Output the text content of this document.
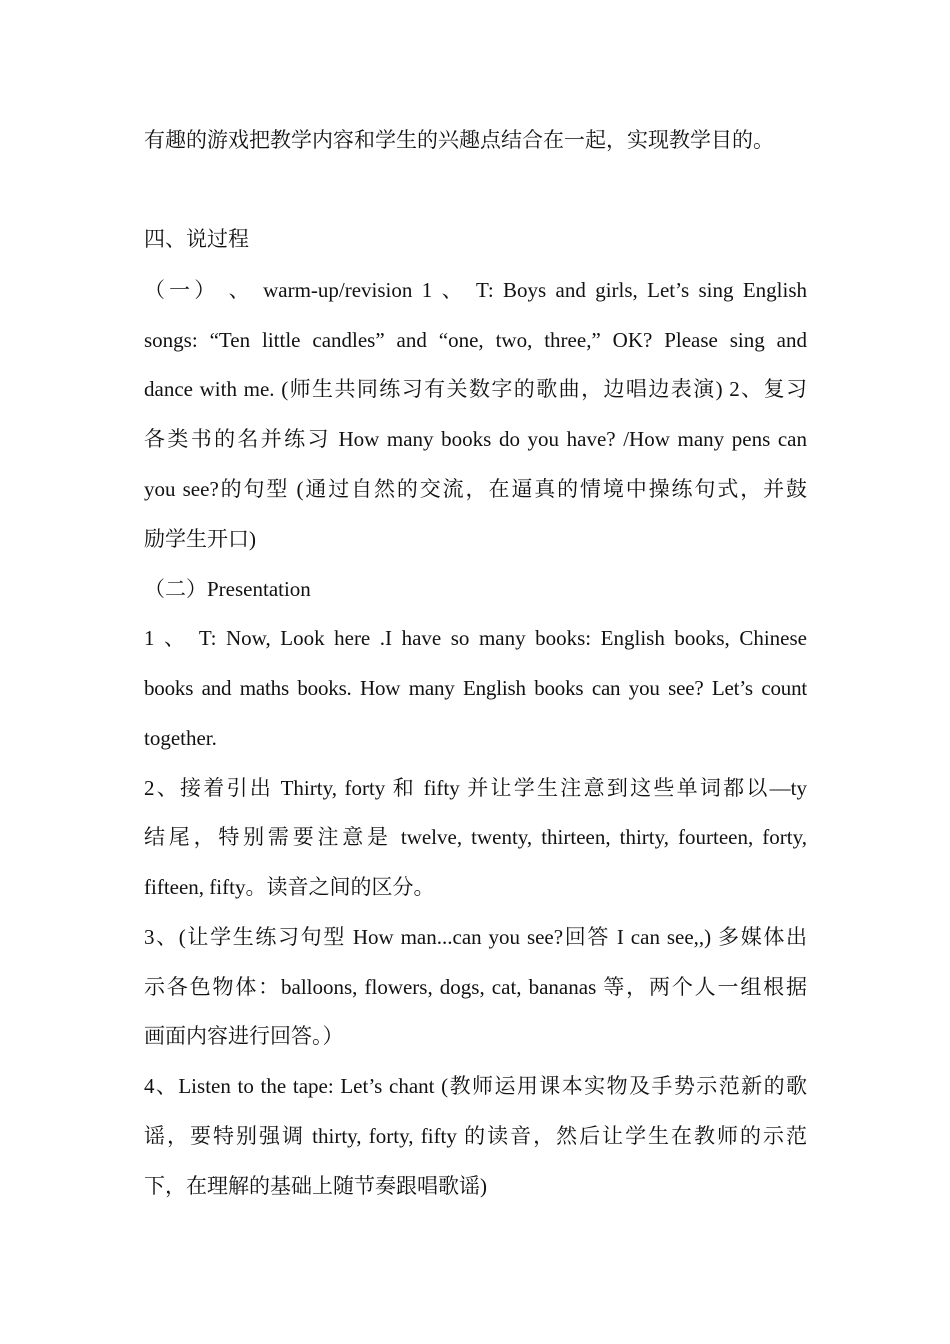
有趣的游戏把教学内容和学生的兴趣点结合在一起，实现教学目的。
四、说过程
（一） 、 warm-up/revision 1 、 T: Boys and girls, Let’s sing English
songs: “Ten little candles” and “one, two, three,” OK? Please sing and
dance with me. (师生共同练习有关数字的歌曲，边唱边表演) 2、复习
各类书的名并练习 How many books do you have? /How many pens can
you see?的句型 (通过自然的交流，在逼真的情境中操练句式，并鼓
励学生开口)
（二）Presentation
1 、 T: Now, Look here .I have so many books: English books, Chinese
books and maths books. How many English books can you see? Let’s count
together.
2、接着引出 Thirty, forty 和 fifty 并让学生注意到这些单词都以—ty
结尾，特别需要注意是 twelve, twenty, thirteen, thirty, fourteen, forty,
fifteen, fifty。读音之间的区分。
3、(让学生练习句型 How man...can you see?回答 I can see,,) 多媒体出
示各色物体：balloons, flowers, dogs, cat, bananas 等，两个人一组根据
画面内容进行回答。）
4、Listen to the tape: Let’s chant (教师运用课本实物及手势示范新的歌
谣，要特别强调 thirty, forty, fifty 的读音，然后让学生在教师的示范
下，在理解的基础上随节奏跟唱歌谣)
